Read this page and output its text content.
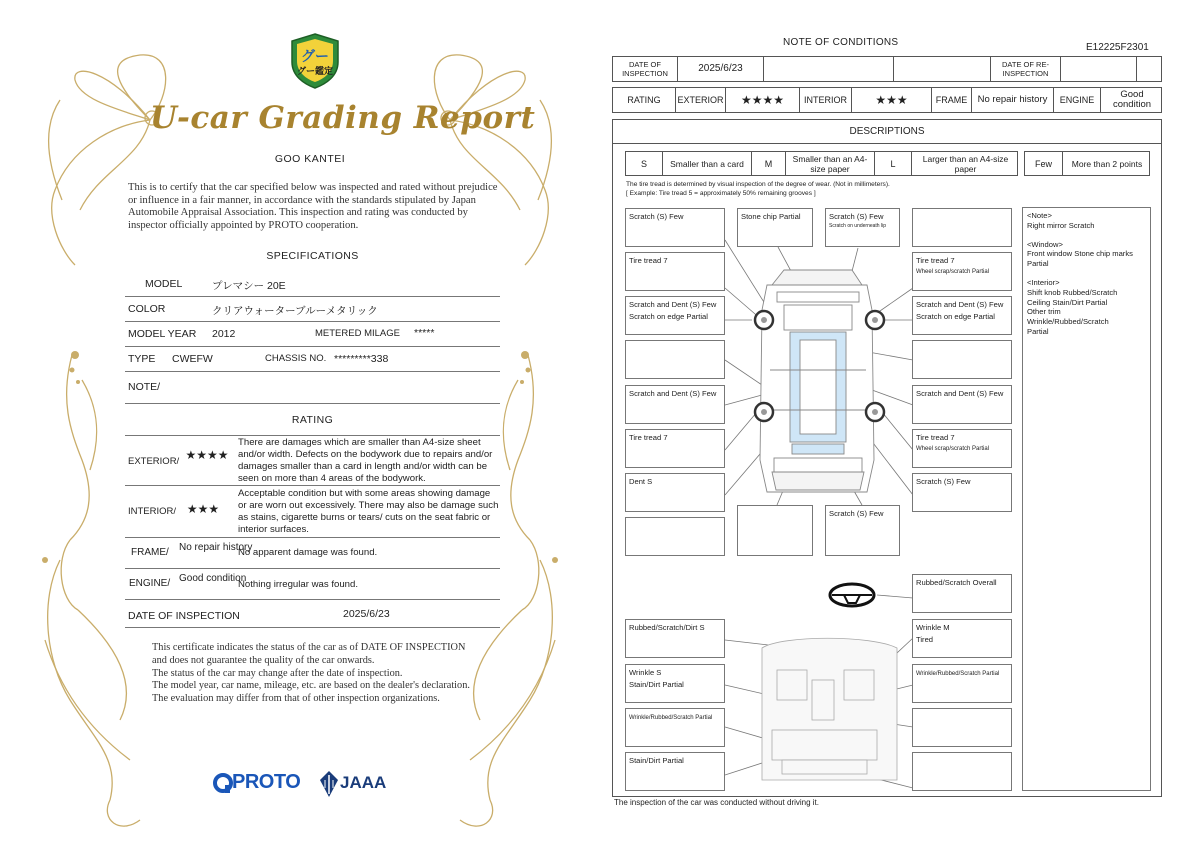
グー
グー鑑定
U-car Grading Report
GOO KANTEI
This is to certify that the car specified below was inspected and rated without prejudice or influence in a fair manner, in accordance with the standards stipulated by Japan Automobile Appraisal Association. This inspection and rating was conducted by inspector officially appointed by PROTO cooperation.
SPECIFICATIONS
MODEL	プレマシー 20E
COLOR	クリアウォーターブルーメタリック
MODEL YEAR 2012	METERED MILAGE *****
TYPE CWEFW	CHASSIS NO. *********338
NOTE/
RATING
EXTERIOR/ ★★★★
There are damages which are smaller than A4-size sheet and/or width. Defects on the bodywork due to repairs and/or damages smaller than a card in length and/or width can be seen on more than 4 areas of the bodywork.
INTERIOR/ ★★★
Acceptable condition but with some areas showing damage or are worn out excessively. There may also be damage such as stains, cigarette burns or tears/ cuts on the seat fabric or interior surfaces.
FRAME/ No repair history
No apparent damage was found.
ENGINE/ Good condition
Nothing irregular was found.
DATE OF INSPECTION	2025/6/23
This certificate indicates the status of the car as of DATE OF INSPECTION and does not guarantee the quality of the car onwards.
The status of the car may change after the date of inspection.
The model year, car name, mileage, etc. are based on the dealer's declaration.
The evaluation may differ from that of other inspection organizations.
PROTO JAAA
NOTE OF CONDITIONS	E12225F2301
DATE OF INSPECTION	2025/6/23	DATE OF RE-INSPECTION
RATING	EXTERIOR	★★★★	INTERIOR	★★★	FRAME	No repair history	ENGINE	Good condition
DESCRIPTIONS
S	Smaller than a card	M	Smaller than an A4-size paper	L	Larger than an A4-size paper	Few	More than 2 points
The tire tread is determined by visual inspection of the degree of wear. (Not in millimeters).
[ Example: Tire tread 5 = approximately 50% remaining grooves ]
Scratch (S) Few	Stone chip Partial	Scratch (S) Few
Scratch on underneath lip
Tire tread 7	Tire tread 7
Wheel scrap/scratch Partial
Scratch and Dent (S) Few
Scratch on edge Partial
Scratch and Dent (S) Few
Scratch on edge Partial
Scratch and Dent (S) Few	Scratch and Dent (S) Few
Tire tread 7	Tire tread 7
Wheel scrap/scratch Partial
Dent S	Scratch (S) Few
Scratch (S) Few
Rubbed/Scratch Overall
Rubbed/Scratch/Dirt S	Wrinkle M
Tired
Wrinkle S
Stain/Dirt Partial
Wrinkle/Rubbed/Scratch Partial
Wrinkle/Rubbed/Scratch Partial
Stain/Dirt Partial
<Note>
Right mirror Scratch
<Window>
Front window Stone chip marks Partial
<Interior>
Shift knob Rubbed/Scratch
Ceiling Stain/Dirt Partial
Other trim
Wrinkle/Rubbed/Scratch
Partial
The inspection of the car was conducted without driving it.
